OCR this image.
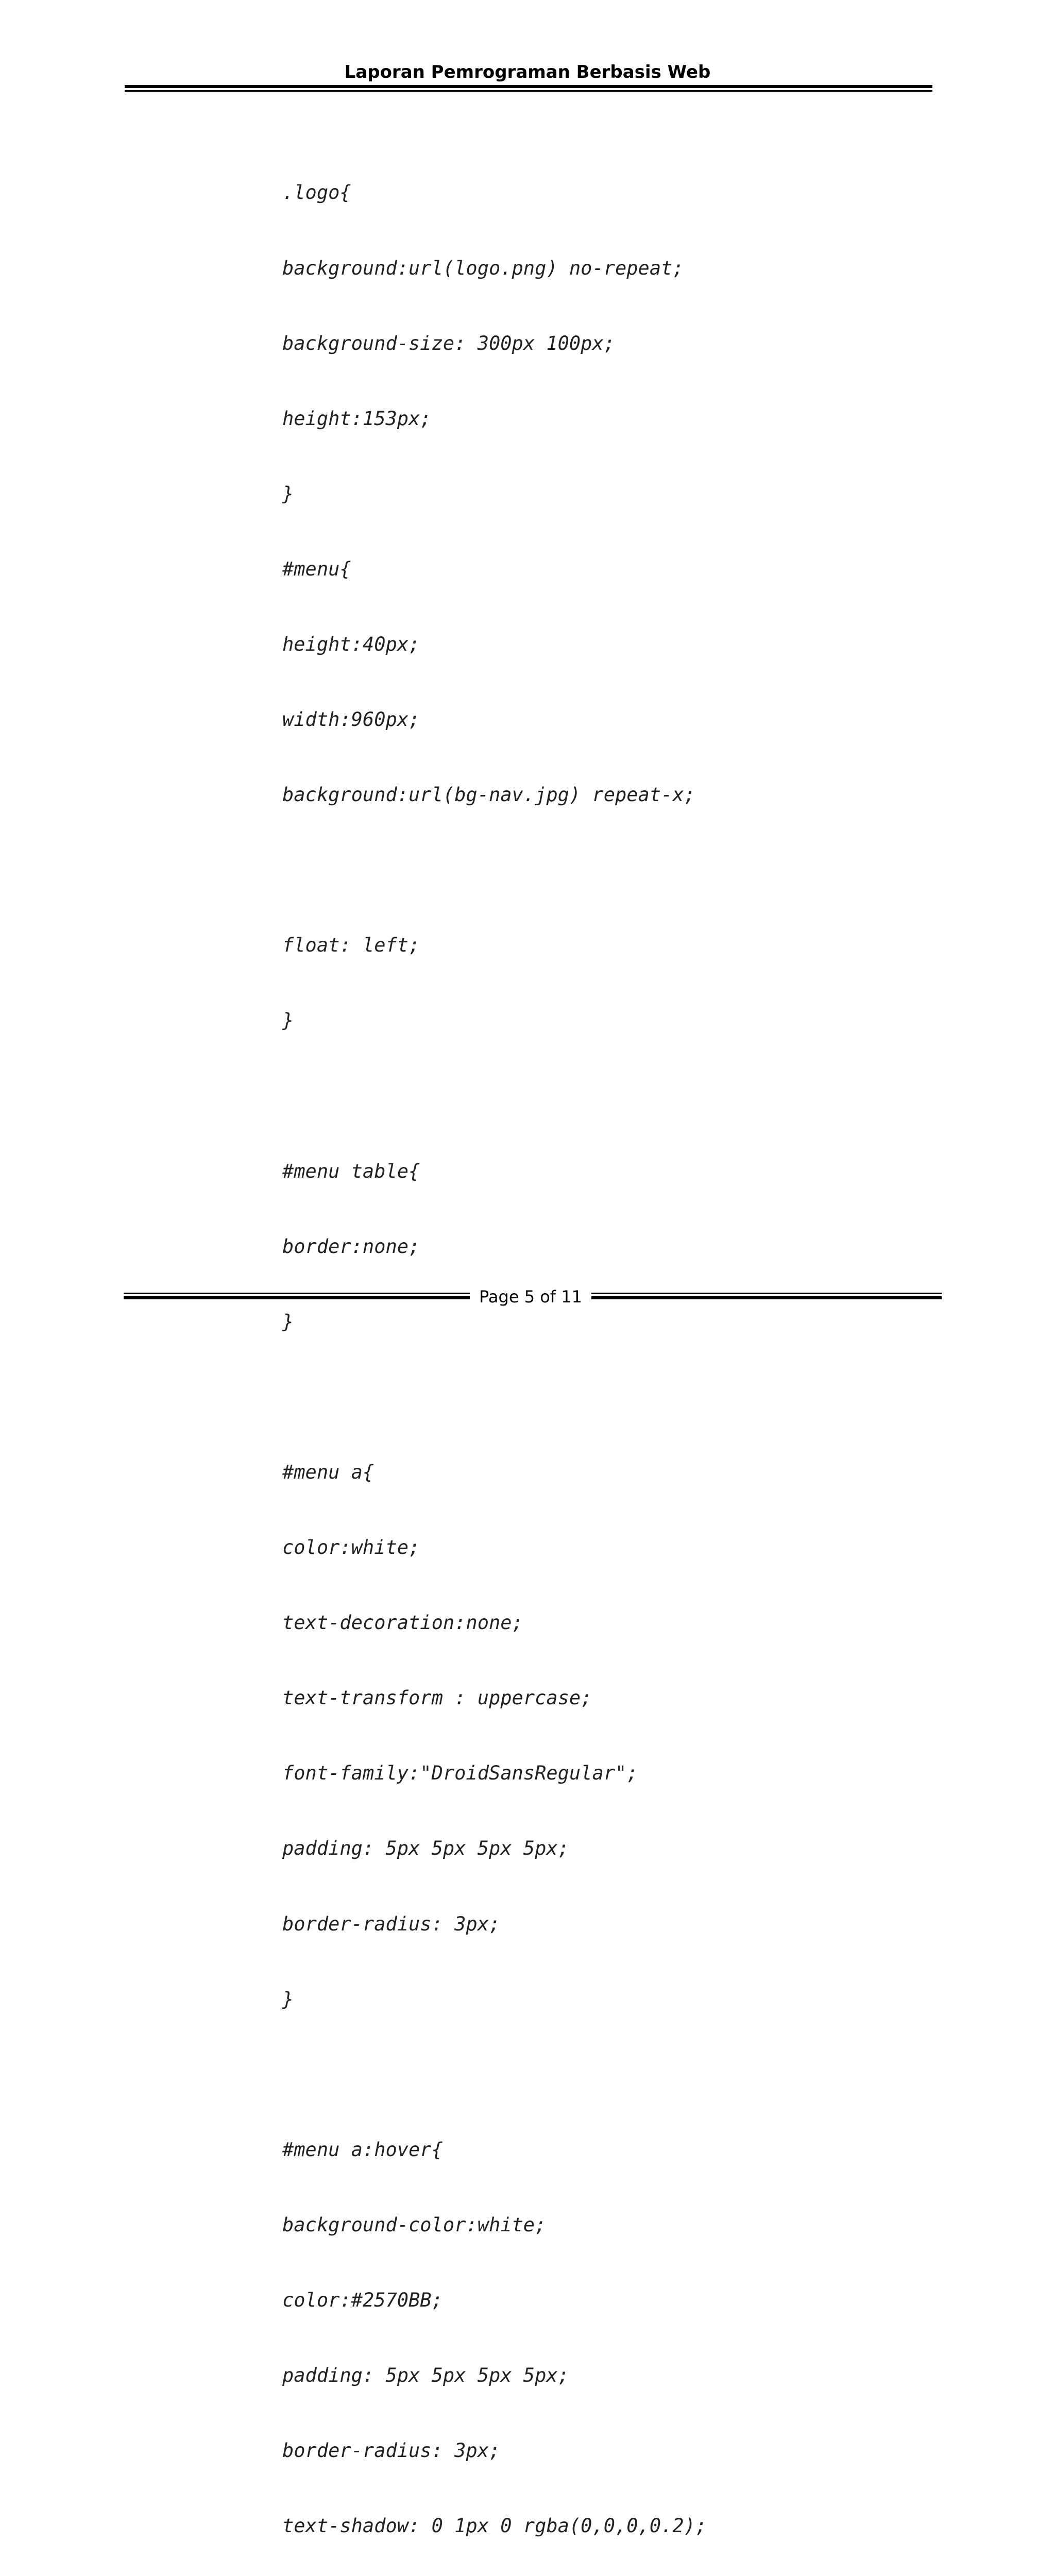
Laporan Pemrograman Berbasis Web

.logo{

background:url(logo.png) no-repeat;

background-size: 300px 100px;

height:153px;

}

#menu{

height:40px;

width:960px;

background:url(bg-nav.jpg) repeat-x;

float: left;

}

#menu table{

border:none;

}

#menu a{

color:white;

text-decoration:none;

text-transform : uppercase;

font-family:"DroidSansRegular";

padding: 5px 5px 5px 5px;

border-radius: 3px;

}

#menu a:hover{

background-color:white;

color:#2570BB;

padding: 5px 5px 5px 5px;

border-radius: 3px;

text-shadow: 0 1px 0 rgba(0,0,0,0.2);

Page 5 of 11
